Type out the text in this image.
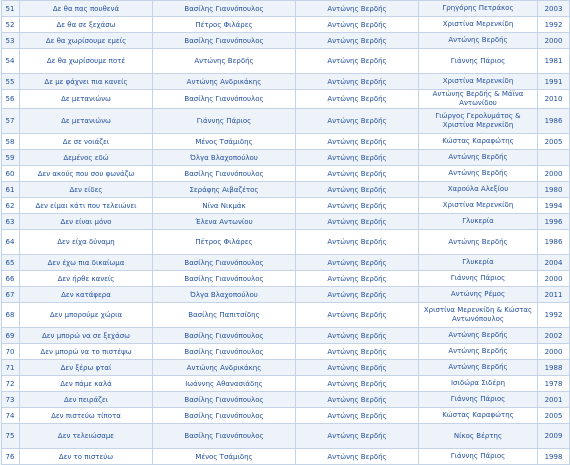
51	Δε θα πας πουθενά	Βασίλης Γιαννόπουλος	Αντώνης Βερδής	Γρηγόρης Πετράκος	2003
52	Δε θα σε ξεχάσω	Πέτρος Φιλάρες	Αντώνης Βερδής	Χριστίνα Μερενκίδη	1992
53	Δε θα χωρίσουμε εμείς	Βασίλης Γιαννόπουλος	Αντώνης Βερδής	Αντώνης Βερδής	2000
54	Δε θα χωρίσουμε ποτέ	Αντώνης Βερδής	Αντώνης Βερδής	Γιάννης Πάριος	1981
55	Δε με φάχνει πια κανείς	Αντώνης Ανδρικάκης	Αντώνης Βερδής	Χριστίνα Μερενκίδη	1991
56	Δε μετανιώνω	Βασίλης Γιαννόπουλος	Αντώνης Βερδής	Αντώνης Βερδής & Μάϊνα Αντωνίδου	2010
57	Δε μετανιώνω	Γιάννης Πάριος	Αντώνης Βερδής	Γιώργος Γερολυμάτος & Χριστίνα Μερενκίδη	1986
58	Δε σε νοιάζει	Μένος Τσάμιδης	Αντώνης Βερδής	Κώστας Καραφώτης	2005
59	Δεμένος εδώ	Όλγα Βλαχοπούλου	Αντώνης Βερδής	Αντώνης Βερδής	
60	Δεν ακούς που σου φωνάζω	Βασίλης Γιαννόπουλος	Αντώνης Βερδής	Αντώνης Βερδής	2000
61	Δεν είδες	Σεράφης Αιβαζέτος	Αντώνης Βερδής	Χαρούλα Αλεξίου	1980
62	Δεν είμαι κάτι που τελειώνει	Νίνα Νικμάκ	Αντώνης Βερδής	Χριστίνα Μερενκίδη	1994
63	Δεν είναι μόνο	Έλενα Αντωνίου	Αντώνης Βερδής	Γλυκερία	1996
64	Δεν είχα δύναμη	Πέτρος Φιλάρες	Αντώνης Βερδής	Αντώνης Βερδής	1986
65	Δεν έχω πια δικαίωμα	Βασίλης Γιαννόπουλος	Αντώνης Βερδής	Γλυκερία	2004
66	Δεν ήρθε κανείς	Βασίλης Γιαννόπουλος	Αντώνης Βερδής	Γιάννης Πάριος	2000
67	Δεν κατάφερα	Όλγα Βλαχοπούλου	Αντώνης Βερδής	Αντώνης Ρέμος	2011
68	Δεν μπορούμε χώρια	Βασίλης Παπιτσίδης	Αντώνης Βερδής	Χριστίνα Μερενκίδη & Κώστας Αντωνόπουλος	1992
69	Δεν μπορώ να σε ξεχάσω	Βασίλης Γιαννόπουλος	Αντώνης Βερδής	Αντώνης Βερδής	2002
70	Δεν μπορώ να το πιστέψω	Βασίλης Γιαννόπουλος	Αντώνης Βερδής	Αντώνης Βερδής	2000
71	Δεν ξέρω φταί	Αντώνης Ανδρικάκης	Αντώνης Βερδής	Αντώνης Βερδής	1988
72	Δεν πάμε καλά	Ιωάννης Αθανασιάδης	Αντώνης Βερδής	Ισιδώρα Σιδέρη	1978
73	Δεν πειράζει	Βασίλης Γιαννόπουλος	Αντώνης Βερδής	Γιάννης Πάριος	2001
74	Δεν πιστεύω τίποτα	Βασίλης Γιαννόπουλος	Αντώνης Βερδής	Κώστας Καραφώτης	2005
75	Δεν τελειώσαμε	Βασίλης Γιαννόπουλος	Αντώνης Βερδής	Νίκος Βέρτης	2009
76	Δεν το πιστεύω	Μένος Τσάμιδης	Αντώνης Βερδής	Γιάννης Πάριος	1998
